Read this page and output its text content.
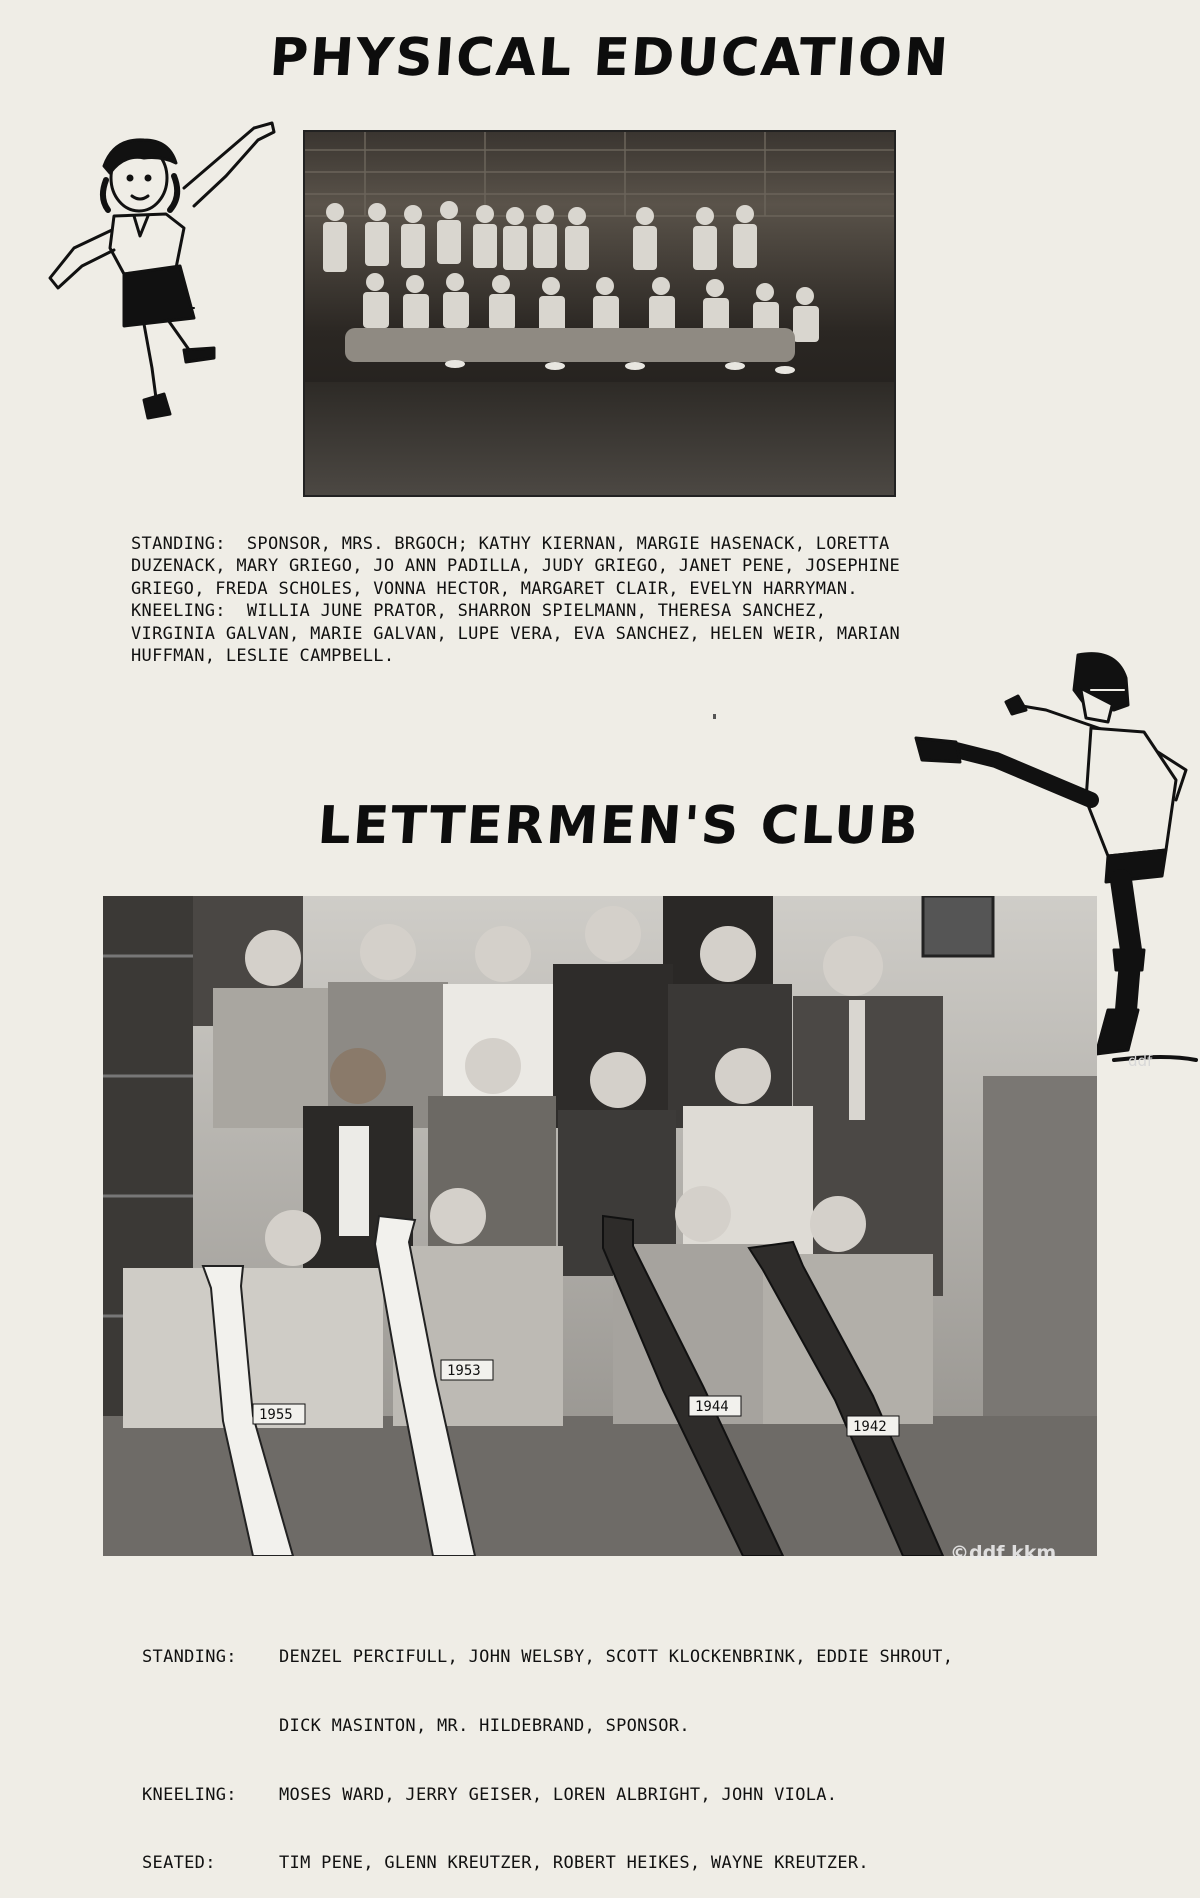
PHYSICAL EDUCATION

STANDING:  SPONSOR, MRS. BRGOCH; KATHY KIERNAN, MARGIE HASENACK, LORETTA
DUZENACK, MARY GRIEGO, JO ANN PADILLA, JUDY GRIEGO, JANET PENE, JOSEPHINE
GRIEGO, FREDA SCHOLES, VONNA HECTOR, MARGARET CLAIR, EVELYN HARRYMAN.
KNEELING:  WILLIA JUNE PRATOR, SHARRON SPIELMANN, THERESA SANCHEZ,
VIRGINIA GALVAN, MARIE GALVAN, LUPE VERA, EVA SANCHEZ, HELEN WEIR, MARIAN
HUFFMAN, LESLIE CAMPBELL.

LETTERMEN'S CLUB
ddf
1955
1953
1944
1942
©ddf kkm

STANDING:	DENZEL PERCIFULL, JOHN WELSBY, SCOTT KLOCKENBRINK, EDDIE SHROUT,

DICK MASINTON, MR. HILDEBRAND, SPONSOR.

KNEELING:	MOSES WARD, JERRY GEISER, LOREN ALBRIGHT, JOHN VIOLA.

SEATED:	TIM PENE, GLENN KREUTZER, ROBERT HEIKES, WAYNE KREUTZER.
